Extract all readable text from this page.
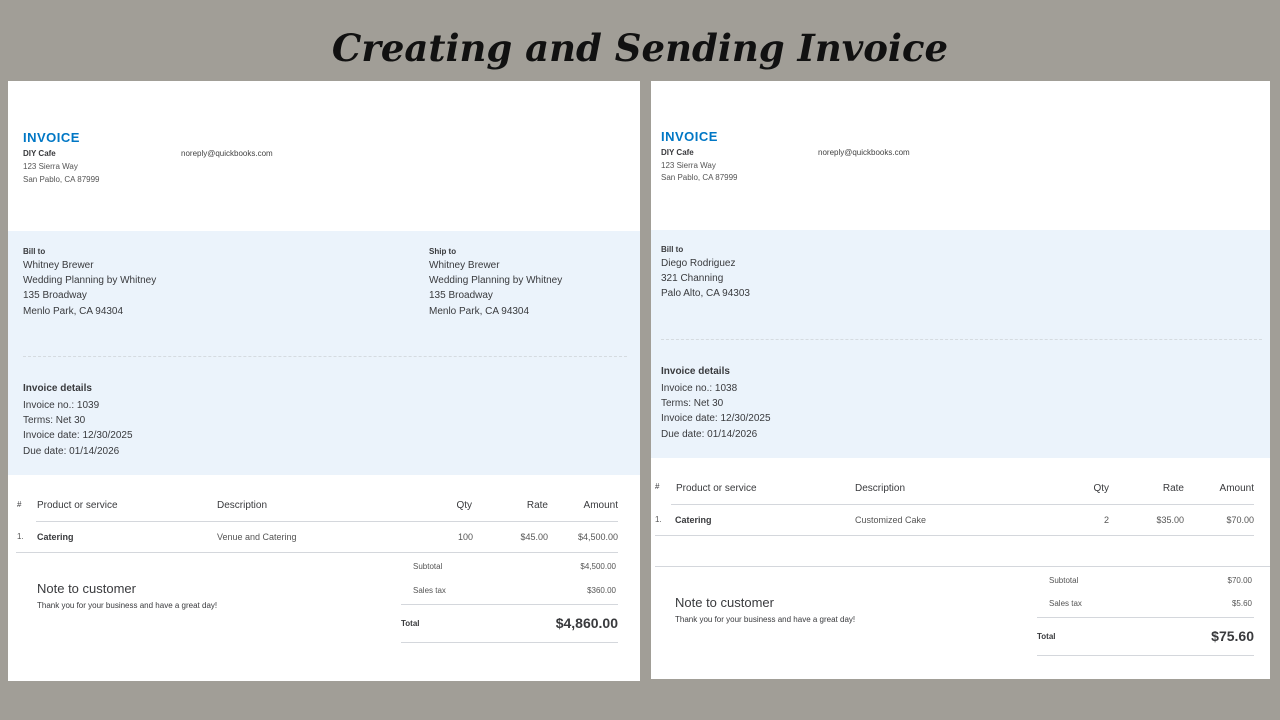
Creating and Sending Invoice
INVOICE
DIY Cafe
123 Sierra Way
San Pablo, CA 87999
noreply@quickbooks.com
Bill to
Whitney Brewer
Wedding Planning by Whitney
135 Broadway
Menlo Park, CA 94304
Ship to
Whitney Brewer
Wedding Planning by Whitney
135 Broadway
Menlo Park, CA 94304
Invoice details
Invoice no.: 1039
Terms: Net 30
Invoice date: 12/30/2025
Due date: 01/14/2026
# Product or service	Description	Qty	Rate	Amount
1. Catering	Venue and Catering	100	$45.00	$4,500.00
Note to customer
Thank you for your business and have a great day!
Subtotal	$4,500.00
Sales tax	$360.00
Total	$4,860.00
INVOICE
DIY Cafe
123 Sierra Way
San Pablo, CA 87999
noreply@quickbooks.com
Bill to
Diego Rodriguez
321 Channing
Palo Alto, CA 94303
Invoice details
Invoice no.: 1038
Terms: Net 30
Invoice date: 12/30/2025
Due date: 01/14/2026
# Product or service	Description	Qty	Rate	Amount
1. Catering	Customized Cake	2	$35.00	$70.00
Note to customer
Thank you for your business and have a great day!
Subtotal	$70.00
Sales tax	$5.60
Total	$75.60
